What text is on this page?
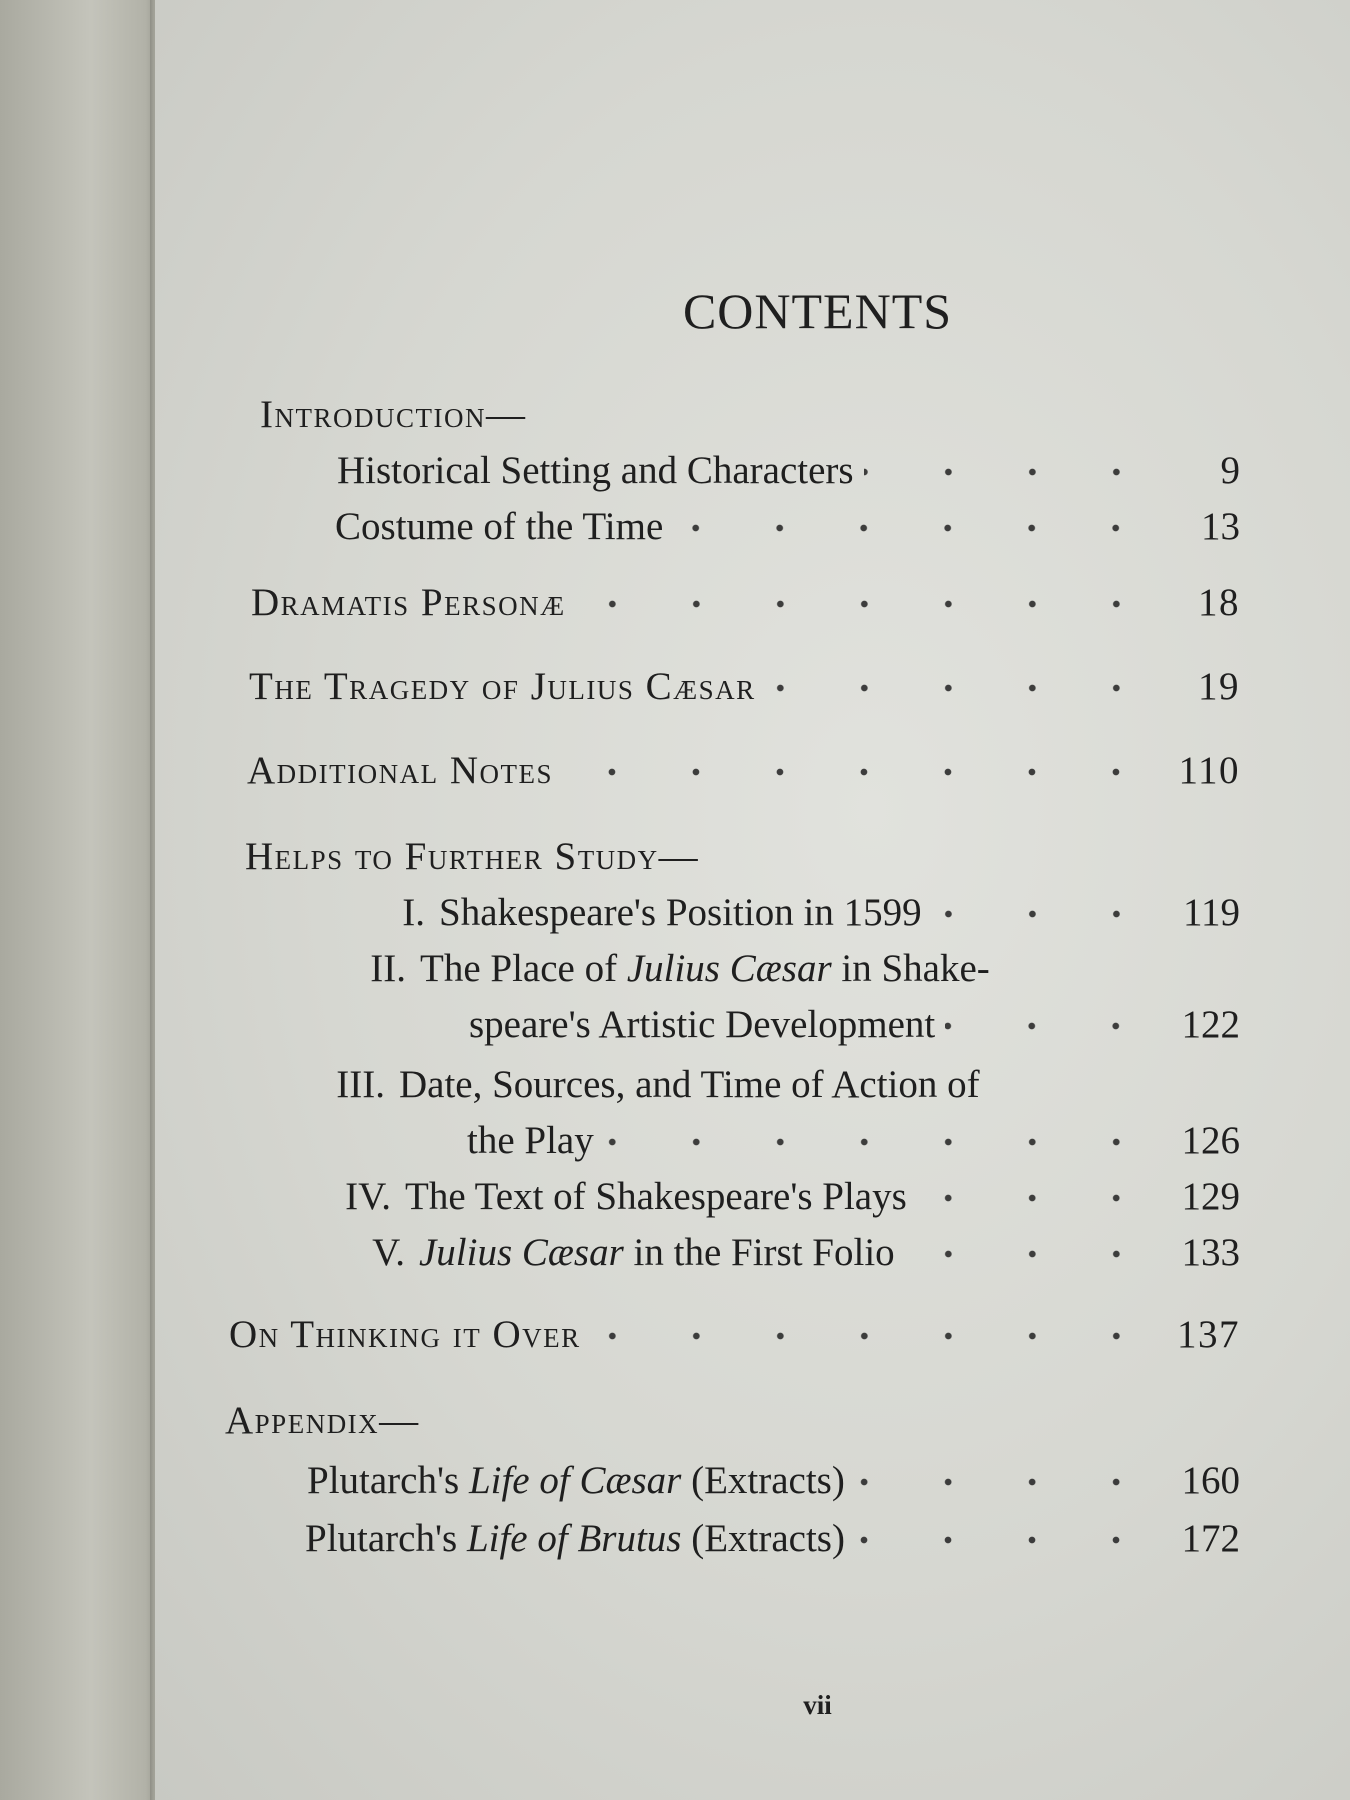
CONTENTS
Introduction—
Historical Setting and Characters	9
Costume of the Time	13
Dramatis Personæ	18
The Tragedy of Julius Cæsar	19
Additional Notes	110
Helps to Further Study—
I. Shakespeare's Position in 1599	119
II. The Place of Julius Cæsar in Shake-
speare's Artistic Development	122
III. Date, Sources, and Time of Action of
the Play	126
IV. The Text of Shakespeare's Plays	129
V. Julius Cæsar in the First Folio	133
On Thinking it Over	137
Appendix—
Plutarch's Life of Cæsar (Extracts)	160
Plutarch's Life of Brutus (Extracts)	172
vii
